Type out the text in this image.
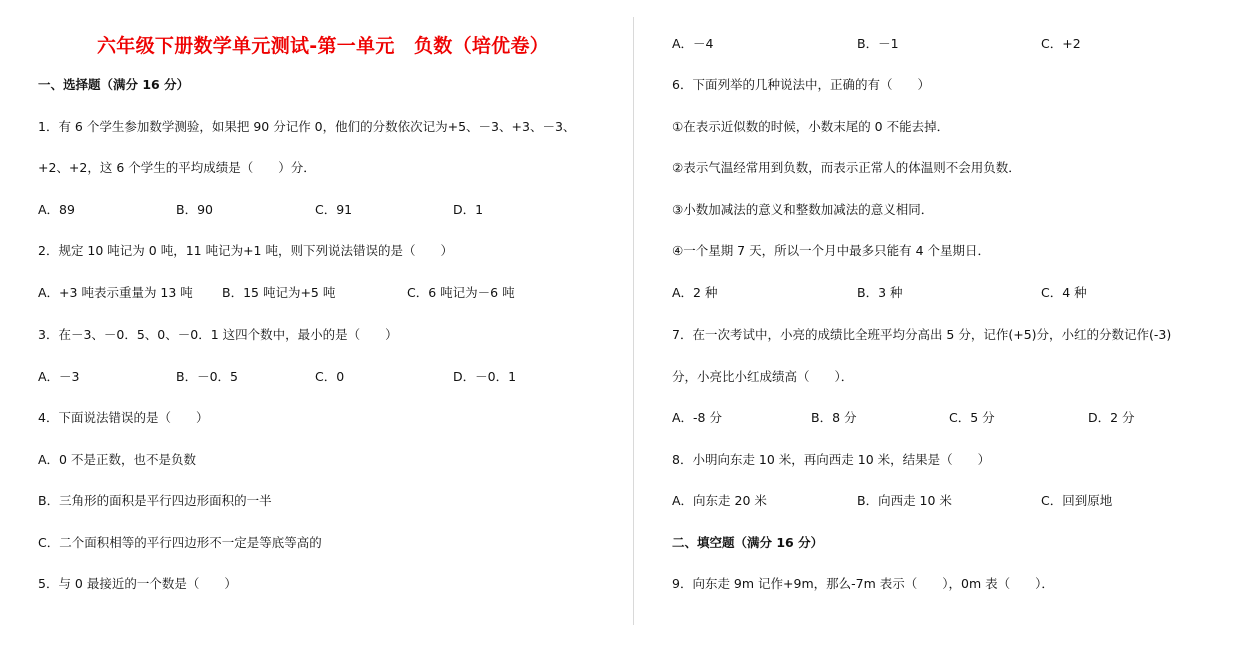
六年级下册数学单元测试-第一单元　负数（培优卷）
一、选择题（满分 16 分）
1．有 6 个学生参加数学测验，如果把 90 分记作 0，他们的分数依次记为+5、－3、+3、－3、
+2、+2，这 6 个学生的平均成绩是（　　）分．
A．89	B．90	C．91	D．1
2．规定 10 吨记为 0 吨，11 吨记为+1 吨，则下列说法错误的是（　　）
A．+3 吨表示重量为 13 吨 B．15 吨记为+5 吨	C．6 吨记为－6 吨
3．在－3、－0．5、0、－0．1 这四个数中，最小的是（　　）
A．－3	B．－0．5	C．0	D．－0．1
4．下面说法错误的是（　　）
A．0 不是正数，也不是负数
B．三角形的面积是平行四边形面积的一半
C．二个面积相等的平行四边形不一定是等底等高的
5．与 0 最接近的一个数是（　　）
A．－4	B．－1	C．+2
6．下面列举的几种说法中，正确的有（　　）
①在表示近似数的时候，小数末尾的 0 不能去掉．
②表示气温经常用到负数，而表示正常人的体温则不会用负数．
③小数加减法的意义和整数加减法的意义相同．
④一个星期 7 天，所以一个月中最多只能有 4 个星期日．
A．2 种	B．3 种	C．4 种
7．在一次考试中，小亮的成绩比全班平均分高出 5 分，记作(+5)分，小红的分数记作(-3)
分，小亮比小红成绩高（　　）．
A．-8 分	B．8 分	C．5 分	D．2 分
8．小明向东走 10 米，再向西走 10 米，结果是（　　）
A．向东走 20 米	B．向西走 10 米	C．回到原地
二、填空题（满分 16 分）
9．向东走 9m 记作+9m，那么-7m 表示（　　），0m 表（　　）．
